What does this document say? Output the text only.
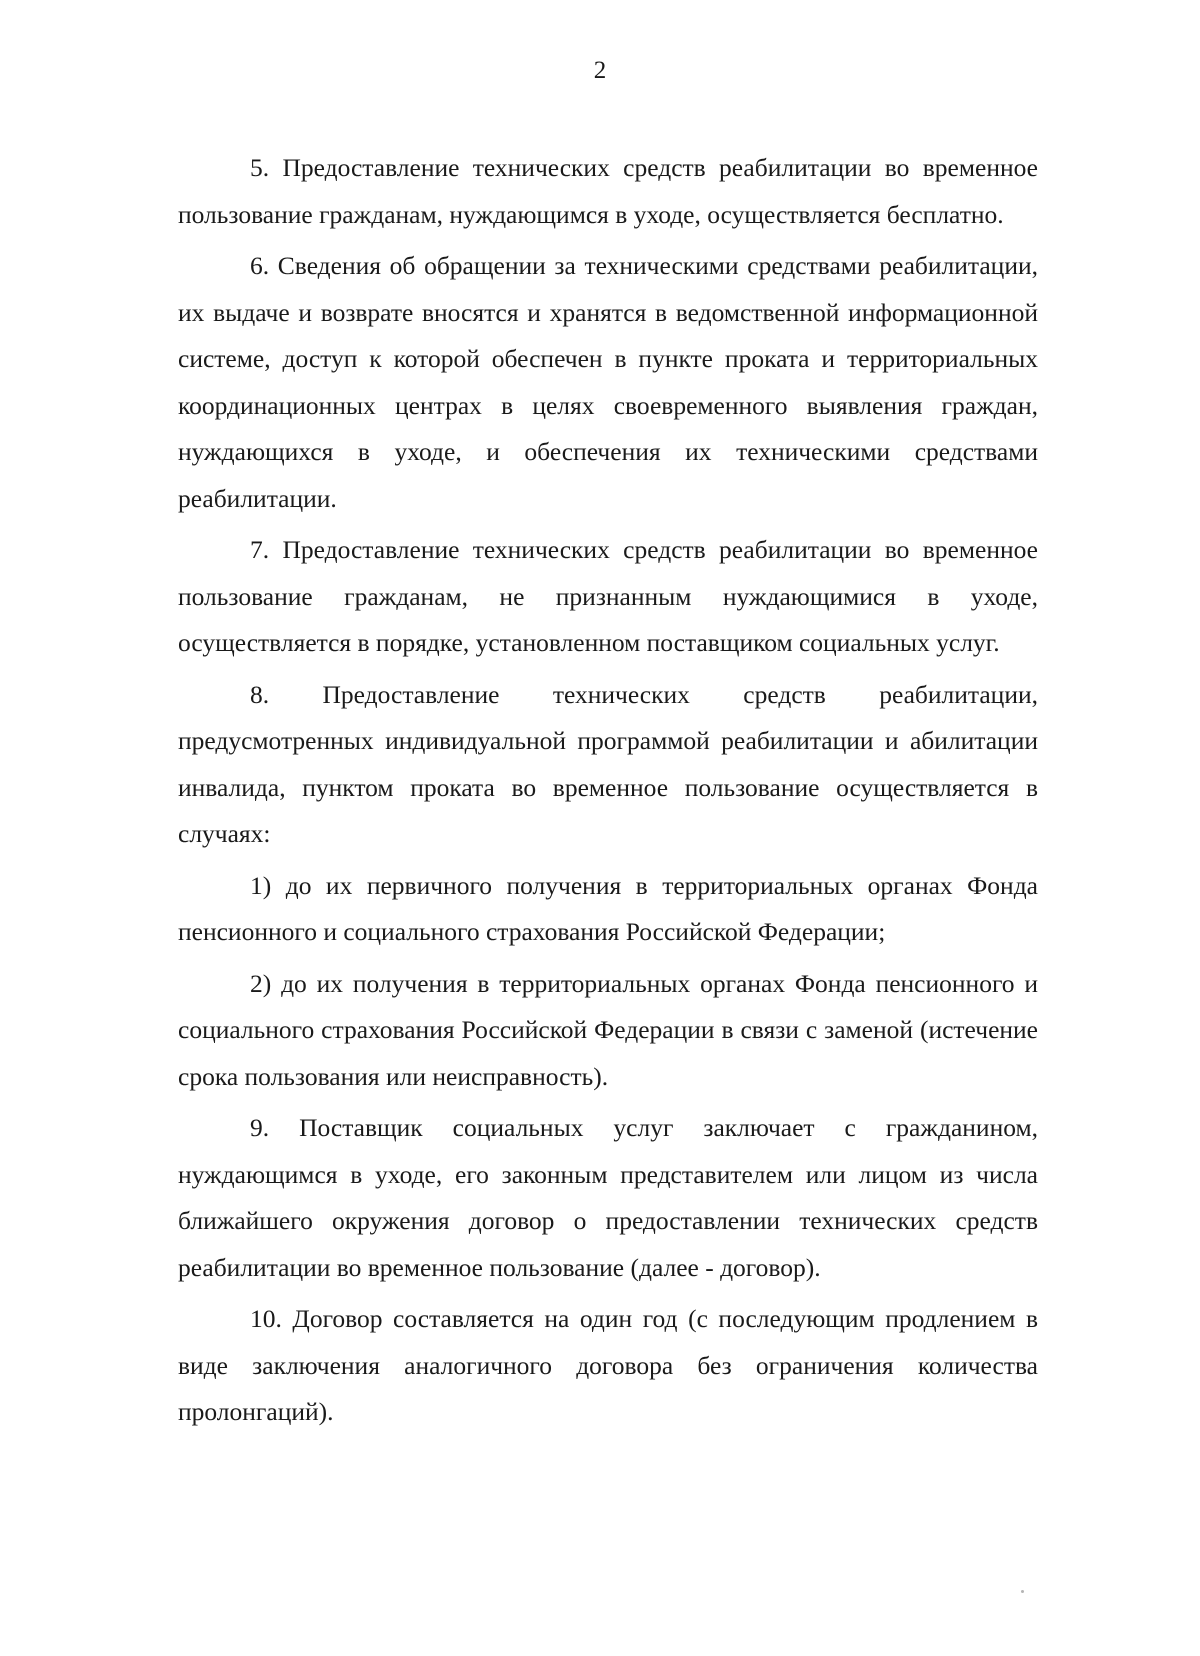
2

5. Предоставление технических средств реабилитации во временное пользование гражданам, нуждающимся в уходе, осуществляется бесплатно.

6. Сведения об обращении за техническими средствами реабилитации, их выдаче и возврате вносятся и хранятся в ведомственной информационной системе, доступ к которой обеспечен в пункте проката и территориальных координационных центрах в целях своевременного выявления граждан, нуждающихся в уходе, и обеспечения их техническими средствами реабилитации.

7. Предоставление технических средств реабилитации во временное пользование гражданам, не признанным нуждающимися в уходе, осуществляется в порядке, установленном поставщиком социальных услуг.

8. Предоставление технических средств реабилитации, предусмотренных индивидуальной программой реабилитации и абилитации инвалида, пунктом проката во временное пользование осуществляется в случаях:

1) до их первичного получения в территориальных органах Фонда пенсионного и социального страхования Российской Федерации;

2) до их получения в территориальных органах Фонда пенсионного и социального страхования Российской Федерации в связи с заменой (истечение срока пользования или неисправность).

9. Поставщик социальных услуг заключает с гражданином, нуждающимся в уходе, его законным представителем или лицом из числа ближайшего окружения договор о предоставлении технических средств реабилитации во временное пользование (далее - договор).

10. Договор составляется на один год (с последующим продлением в виде заключения аналогичного договора без ограничения количества пролонгаций).
